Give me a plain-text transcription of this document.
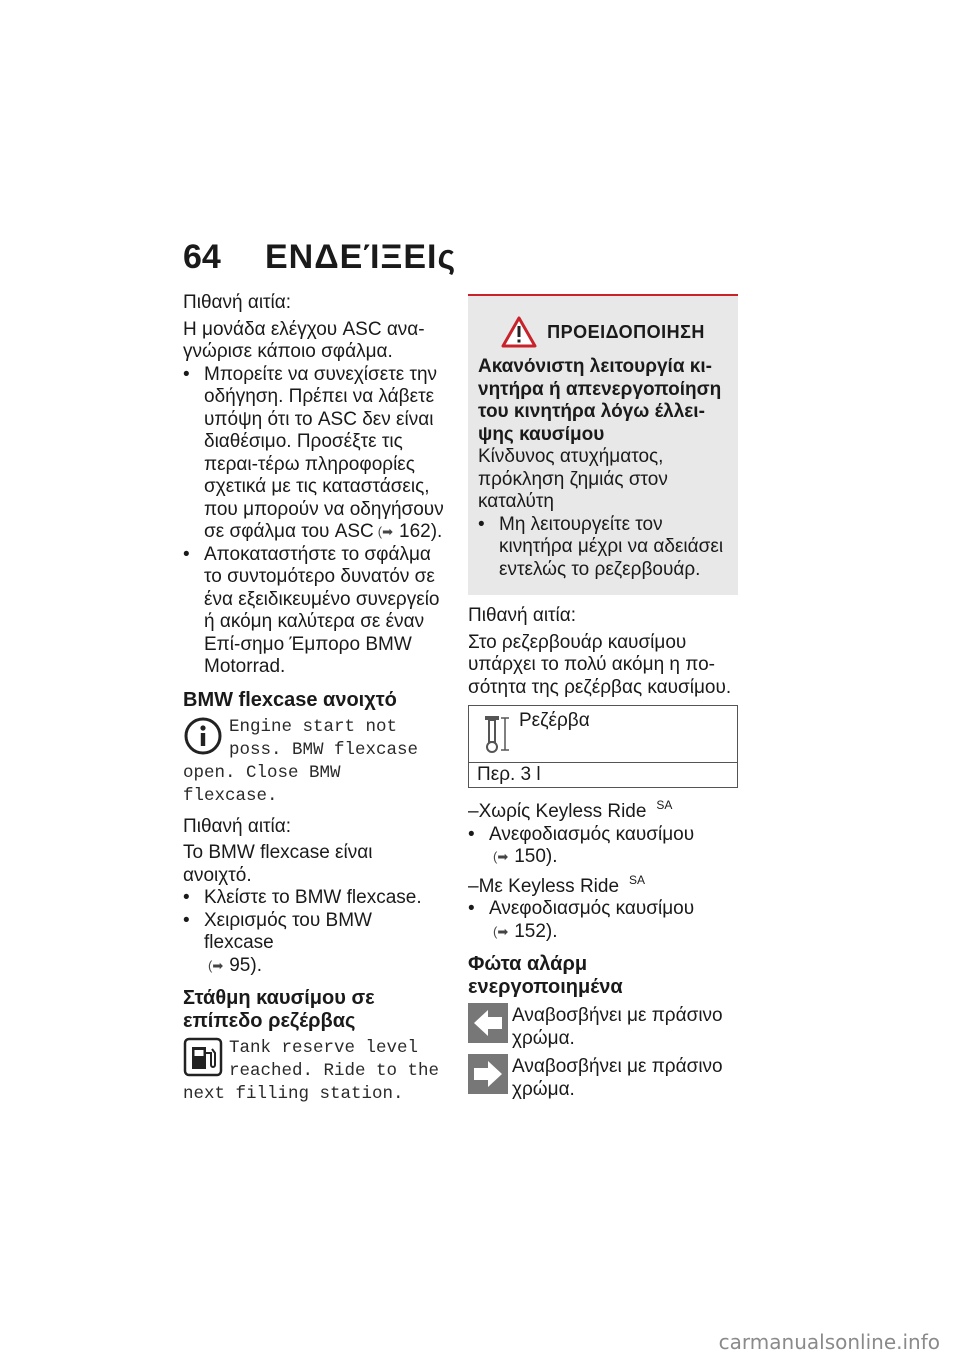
64 ΕΝΔΕΊΞΕΙς

Πιθανή αιτία:

Η μονάδα ελέγχου ASC ανα-γνώρισε κάποιο σφάλμα.

• Μπορείτε να συνεχίσετε την οδήγηση. Πρέπει να λάβετε υπόψη ότι το ASC δεν είναι διαθέσιμο. Προσέξτε τις περαι-τέρω πληροφορίες σχετικά με τις καταστάσεις, που μπορούν να οδηγήσουν σε σφάλμα του ASC (➡ 162).

• Αποκαταστήστε το σφάλμα το συντομότερο δυνατόν σε ένα εξειδικευμένο συνεργείο ή ακόμη καλύτερα σε έναν Επί-σημο Έμπορο BMW Motorrad.

BMW flexcase ανοιχτό

Engine start not poss. BMW flexcase open. Close BMW flexcase.

Πιθανή αιτία:

Το BMW flexcase είναι ανοιχτό.

• Κλείστε το BMW flexcase.

• Χειρισμός του BMW flexcase
(➡ 95).

Στάθμη καυσίμου σε επίπεδο ρεζέρβας

Tank reserve level reached. Ride to the next filling station.
ΠΡΟΕΙΔΟΠΟΙΗΣΗ

Ακανόνιστη λειτουργία κι-νητήρα ή απενεργοποίηση του κινητήρα λόγω έλλει-ψης καυσίμου

Κίνδυνος ατυχήματος, πρόκληση ζημιάς στον καταλύτη

• Μη λειτουργείτε τον κινητήρα μέχρι να αδειάσει εντελώς το ρεζερβουάρ.

Πιθανή αιτία:

Στο ρεζερβουάρ καυσίμου υπάρχει το πολύ ακόμη η πο-σότητα της ρεζέρβας καυσίμου.

Ρεζέρβα
Περ. 3 l

–Χωρίς Keyless Ride $^{SA}$

• Ανεφοδιασμός καυσίμου
(➡ 150).

–Με Keyless Ride $^{SA}$

• Ανεφοδιασμός καυσίμου
(➡ 152).

Φώτα αλάρμ ενεργοποιημένα

Αναβοσβήνει με πράσινο χρώμα.
Αναβοσβήνει με πράσινο χρώμα.
carmanualsonline.info
